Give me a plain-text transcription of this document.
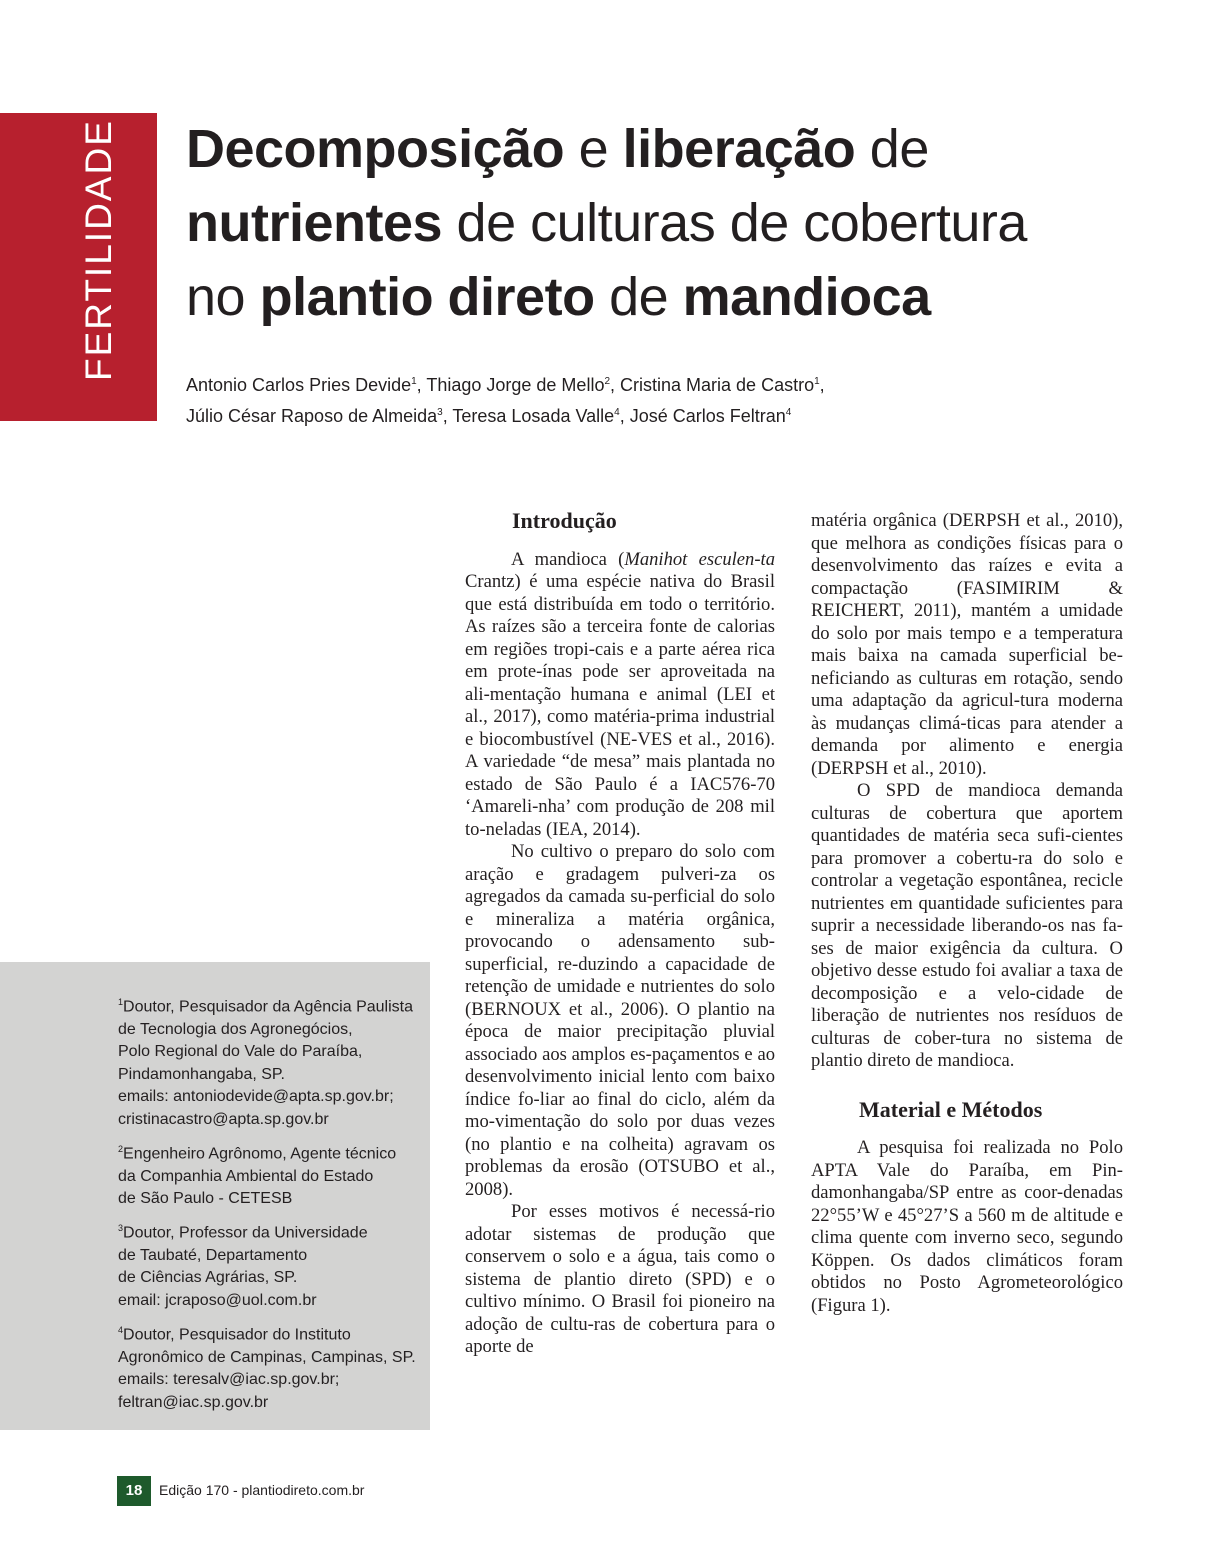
FERTILIDADE Decomposição e liberação de
nutrientes de culturas de cobertura
no plantio direto de mandioca
Antonio Carlos Pries Devide$^1$, Thiago Jorge de Mello$^2$, Cristina Maria de Castro$^1$,
Júlio César Raposo de Almeida$^3$, Teresa Losada Valle$^4$, José Carlos Feltran$^4$
$^1$Doutor, Pesquisador da Agência Paulista
de Tecnologia dos Agronegócios,
Polo Regional do Vale do Paraíba,
Pindamonhangaba, SP.
emails: antoniodevide@apta.sp.gov.br;
cristinacastro@apta.sp.gov.br
$^2$Engenheiro Agrônomo, Agente técnico
da Companhia Ambiental do Estado
de São Paulo - CETESB
$^3$Doutor, Professor da Universidade
de Taubaté, Departamento
de Ciências Agrárias, SP.
email: jcraposo@uol.com.br
$^4$Doutor, Pesquisador do Instituto
Agronômico de Campinas, Campinas, SP.
emails: teresalv@iac.sp.gov.br;
feltran@iac.sp.gov.br
Introdução

A mandioca (Manihot esculen-ta Crantz) é uma espécie nativa do Brasil que está distribuída em todo o território. As raízes são a terceira fonte de calorias em regiões tropi-cais e a parte aérea rica em prote-ínas pode ser aproveitada na ali-mentação humana e animal (LEI et al., 2017), como matéria-prima industrial e biocombustível (NE-VES et al., 2016). A variedade “de mesa” mais plantada no estado de São Paulo é a IAC576-70 ‘Amareli-nha’ com produção de 208 mil to-neladas (IEA, 2014).

No cultivo o preparo do solo com aração e gradagem pulveri-za os agregados da camada su-perficial do solo e mineraliza a matéria orgânica, provocando o adensamento sub-superficial, re-duzindo a capacidade de retenção de umidade e nutrientes do solo (BERNOUX et al., 2006). O plantio na época de maior precipitação pluvial associado aos amplos es-paçamentos e ao desenvolvimento inicial lento com baixo índice fo-liar ao final do ciclo, além da mo-vimentação do solo por duas vezes (no plantio e na colheita) agravam os problemas da erosão (OTSUBO et al., 2008).

Por esses motivos é necessá-rio adotar sistemas de produção que conservem o solo e a água, tais como o sistema de plantio direto (SPD) e o cultivo mínimo. O Brasil foi pioneiro na adoção de cultu-ras de cobertura para o aporte de

matéria orgânica (DERPSH et al., 2010), que melhora as condições físicas para o desenvolvimento das raízes e evita a compactação (FASIMIRIM & REICHERT, 2011), mantém a umidade do solo por mais tempo e a temperatura mais baixa na camada superficial be-neficiando as culturas em rotação, sendo uma adaptação da agricul-tura moderna às mudanças climá-ticas para atender a demanda por alimento e energia (DERPSH et al., 2010).

O SPD de mandioca demanda culturas de cobertura que aportem quantidades de matéria seca sufi-cientes para promover a cobertu-ra do solo e controlar a vegetação espontânea, recicle nutrientes em quantidade suficientes para suprir a necessidade liberando-os nas fa-ses de maior exigência da cultura. O objetivo desse estudo foi avaliar a taxa de decomposição e a velo-cidade de liberação de nutrientes nos resíduos de culturas de cober-tura no sistema de plantio direto de mandioca.

Material e Métodos

A pesquisa foi realizada no Polo APTA Vale do Paraíba, em Pin-damonhangaba/SP entre as coor-denadas 22°55’W e 45°27’S a 560 m de altitude e clima quente com inverno seco, segundo Köppen. Os dados climáticos foram obtidos no Posto Agrometeorológico (Figura 1).

18	Edição 170 - plantiodireto.com.br
